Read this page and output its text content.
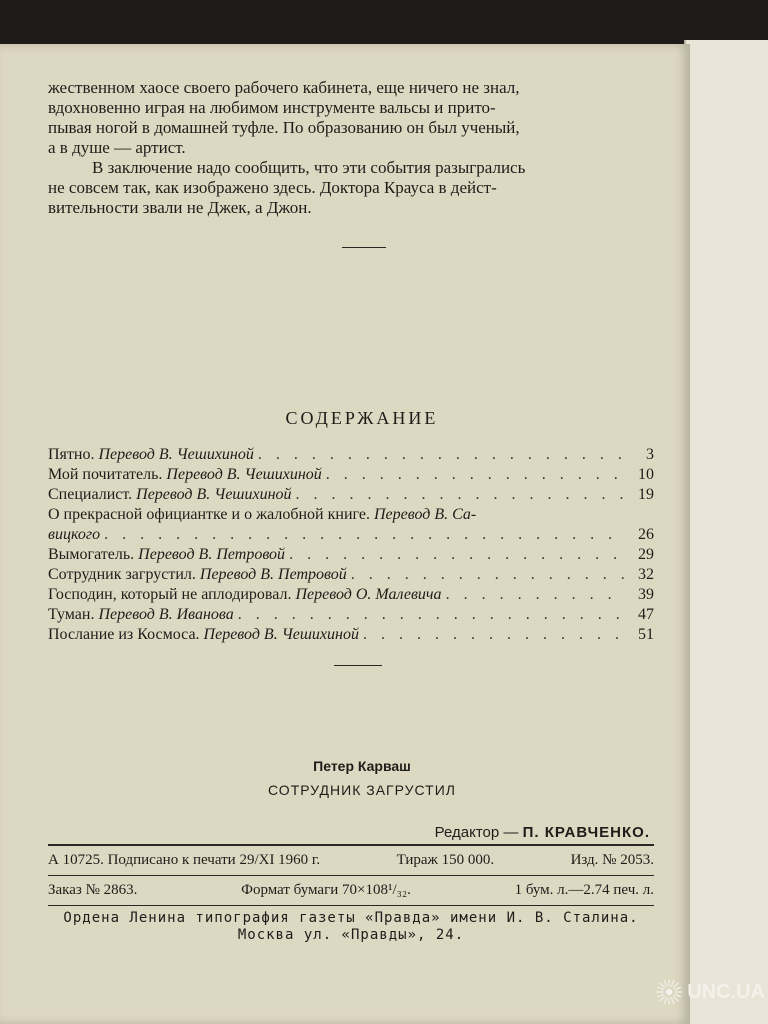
жественном хаосе своего рабочего кабинета, еще ничего не знал,
вдохновенно играя на любимом инструменте вальсы и прито-
пывая ногой в домашней туфле. По образованию он был ученый,
а в душе — артист.
В заключение надо сообщить, что эти события разыгрались
не совсем так, как изображено здесь. Доктора Крауса в дейст-
вительности звали не Джек, а Джон.
СОДЕРЖАНИЕ
Пятно. Перевод В. Чешихиной . . .	3
Мой почитатель. Перевод В. Чешихиной . . .	10
Специалист. Перевод В. Чешихиной . . .	19
О прекрасной официантке и о жалобной книге. Перевод В. Са-
вицкого . . .	26
Вымогатель. Перевод В. Петровой . . .	29
Сотрудник загрустил. Перевод В. Петровой . . .	32
Господин, который не аплодировал. Перевод О. Малевича . . .	39
Туман. Перевод В. Иванова . . .	47
Послание из Космоса. Перевод В. Чешихиной . . .	51
Петер Карваш
СОТРУДНИК ЗАГРУСТИЛ
Редактор — П. КРАВЧЕНКО.
А 10725. Подписано к печати 29/XI 1960 г.	Тираж 150 000.	Изд. № 2053.
Заказ № 2863.	Формат бумаги 70×108¹/₃₂.	1 бум. л.—2.74 печ. л.
Ордена Ленина типография газеты «Правда» имени И. В. Сталина.
Москва ул. «Правды», 24.
UNC.UA
